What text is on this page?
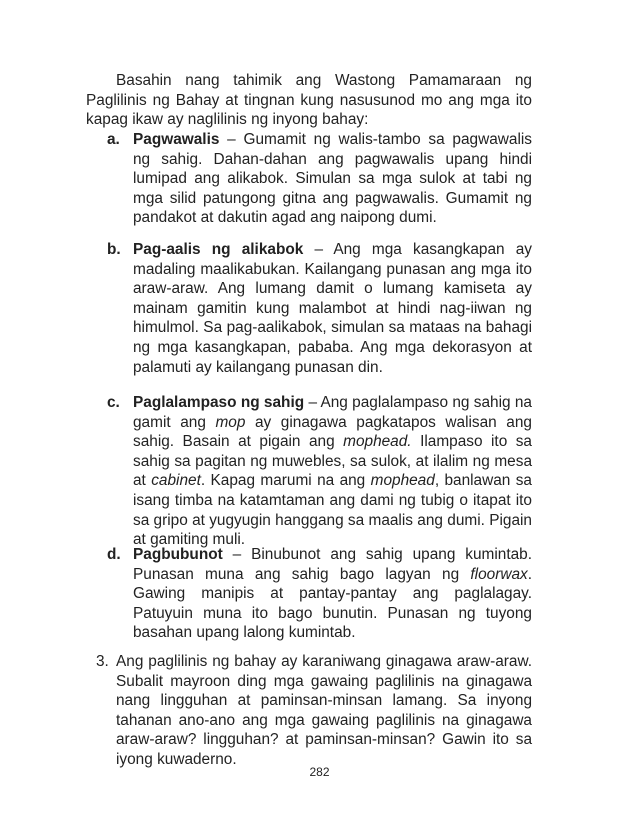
Basahin nang tahimik ang Wastong Pamamaraan ng Paglilinis ng Bahay at tingnan kung nasusunod mo ang mga ito kapag ikaw ay naglilinis ng inyong bahay:

a. Pagwawalis – Gumamit ng walis-tambo sa pagwawalis ng sahig. Dahan-dahan ang pagwawalis upang hindi lumipad ang alikabok. Simulan sa mga sulok at tabi ng mga silid patungong gitna ang pagwawalis. Gumamit ng pandakot at dakutin agad ang naipong dumi.

b. Pag-aalis ng alikabok – Ang mga kasangkapan ay madaling maalikabukan. Kailangang punasan ang mga ito araw-araw. Ang lumang damit o lumang kamiseta ay mainam gamitin kung malambot at hindi nag-iiwan ng himulmol. Sa pag-aalikabok, simulan sa mataas na bahagi ng mga kasangkapan, pababa. Ang mga dekorasyon at palamuti ay kailangang punasan din.

c. Paglalampaso ng sahig – Ang paglalampaso ng sahig na gamit ang mop ay ginagawa pagkatapos walisan ang sahig. Basain at pigain ang mophead. Ilampaso ito sa sahig sa pagitan ng muwebles, sa sulok, at ilalim ng mesa at cabinet. Kapag marumi na ang mophead, banlawan sa isang timba na katamtaman ang dami ng tubig o itapat ito sa gripo at yugyugin hanggang sa maalis ang dumi. Pigain at gamiting muli.

d. Pagbubunot – Binubunot ang sahig upang kumintab. Punasan muna ang sahig bago lagyan ng floorwax. Gawing manipis at pantay-pantay ang paglalagay. Patuyuin muna ito bago bunutin. Punasan ng tuyong basahan upang lalong kumintab.

3. Ang paglilinis ng bahay ay karaniwang ginagawa araw-araw. Subalit mayroon ding mga gawaing paglilinis na ginagawa nang lingguhan at paminsan-minsan lamang. Sa inyong tahanan ano-ano ang mga gawaing paglilinis na ginagawa araw-araw? lingguhan? at paminsan-minsan? Gawin ito sa iyong kuwaderno.

282
